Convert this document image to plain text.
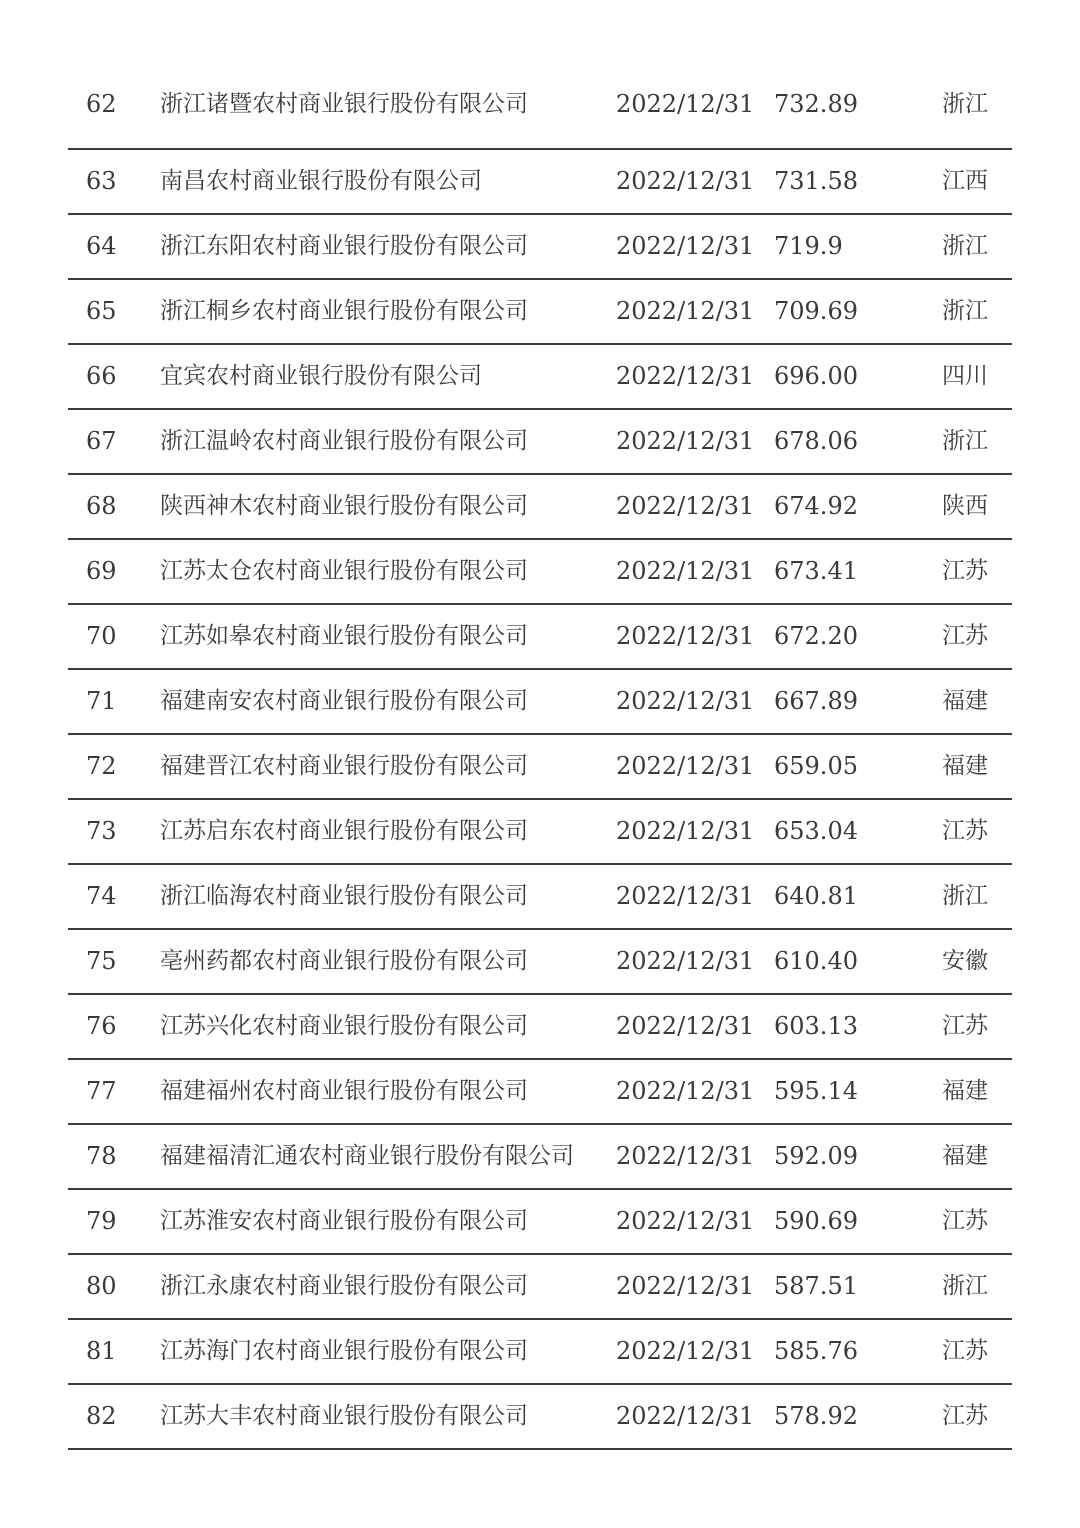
62	浙江诸暨农村商业银行股份有限公司	2022/12/31 732.89	浙江
63	南昌农村商业银行股份有限公司	2022/12/31 731.58	江西
64	浙江东阳农村商业银行股份有限公司	2022/12/31 719.9	浙江
65	浙江桐乡农村商业银行股份有限公司	2022/12/31 709.69	浙江
66	宜宾农村商业银行股份有限公司	2022/12/31 696.00	四川
67	浙江温岭农村商业银行股份有限公司	2022/12/31 678.06	浙江
68	陕西神木农村商业银行股份有限公司	2022/12/31 674.92	陕西
69	江苏太仓农村商业银行股份有限公司	2022/12/31 673.41	江苏
70	江苏如皋农村商业银行股份有限公司	2022/12/31 672.20	江苏
71	福建南安农村商业银行股份有限公司	2022/12/31 667.89	福建
72	福建晋江农村商业银行股份有限公司	2022/12/31 659.05	福建
73	江苏启东农村商业银行股份有限公司	2022/12/31 653.04	江苏
74	浙江临海农村商业银行股份有限公司	2022/12/31 640.81	浙江
75	亳州药都农村商业银行股份有限公司	2022/12/31 610.40	安徽
76	江苏兴化农村商业银行股份有限公司	2022/12/31 603.13	江苏
77	福建福州农村商业银行股份有限公司	2022/12/31 595.14	福建
78	福建福清汇通农村商业银行股份有限公司	2022/12/31 592.09	福建
79	江苏淮安农村商业银行股份有限公司	2022/12/31 590.69	江苏
80	浙江永康农村商业银行股份有限公司	2022/12/31 587.51	浙江
81	江苏海门农村商业银行股份有限公司	2022/12/31 585.76	江苏
82	江苏大丰农村商业银行股份有限公司	2022/12/31 578.92	江苏
